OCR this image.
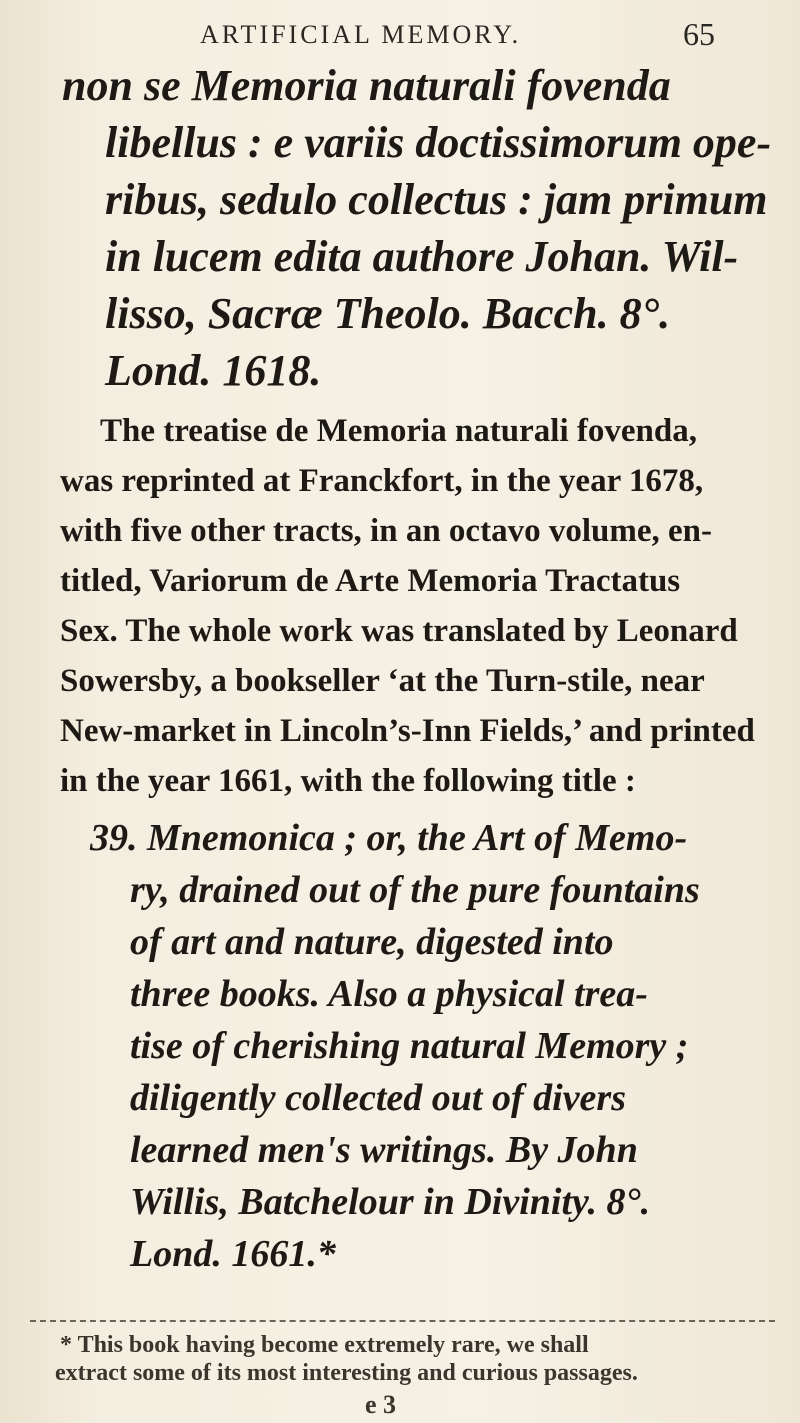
ARTIFICIAL MEMORY.	65
non se Memoria naturali fovenda
libellus : e variis doctissimorum ope-
ribus, sedulo collectus : jam primum
in lucem edita authore Johan. Wil-
lisso, Sacræ Theolo. Bacch. 8°.
Lond. 1618.
The treatise de Memoria naturali fovenda,
was reprinted at Franckfort, in the year 1678,
with five other tracts, in an octavo volume, en-
titled, Variorum de Arte Memoria Tractatus
Sex. The whole work was translated by Leonard
Sowersby, a bookseller ‘at the Turn-stile, near
New-market in Lincoln’s-Inn Fields,’ and printed
in the year 1661, with the following title :
39. Mnemonica ; or, the Art of Memo-
ry, drained out of the pure fountains
of art and nature, digested into
three books. Also a physical trea-
tise of cherishing natural Memory ;
diligently collected out of divers
learned men's writings. By John
Willis, Batchelour in Divinity. 8°.
Lond. 1661.*
* This book having become extremely rare, we shall
extract some of its most interesting and curious passages.
e 3
